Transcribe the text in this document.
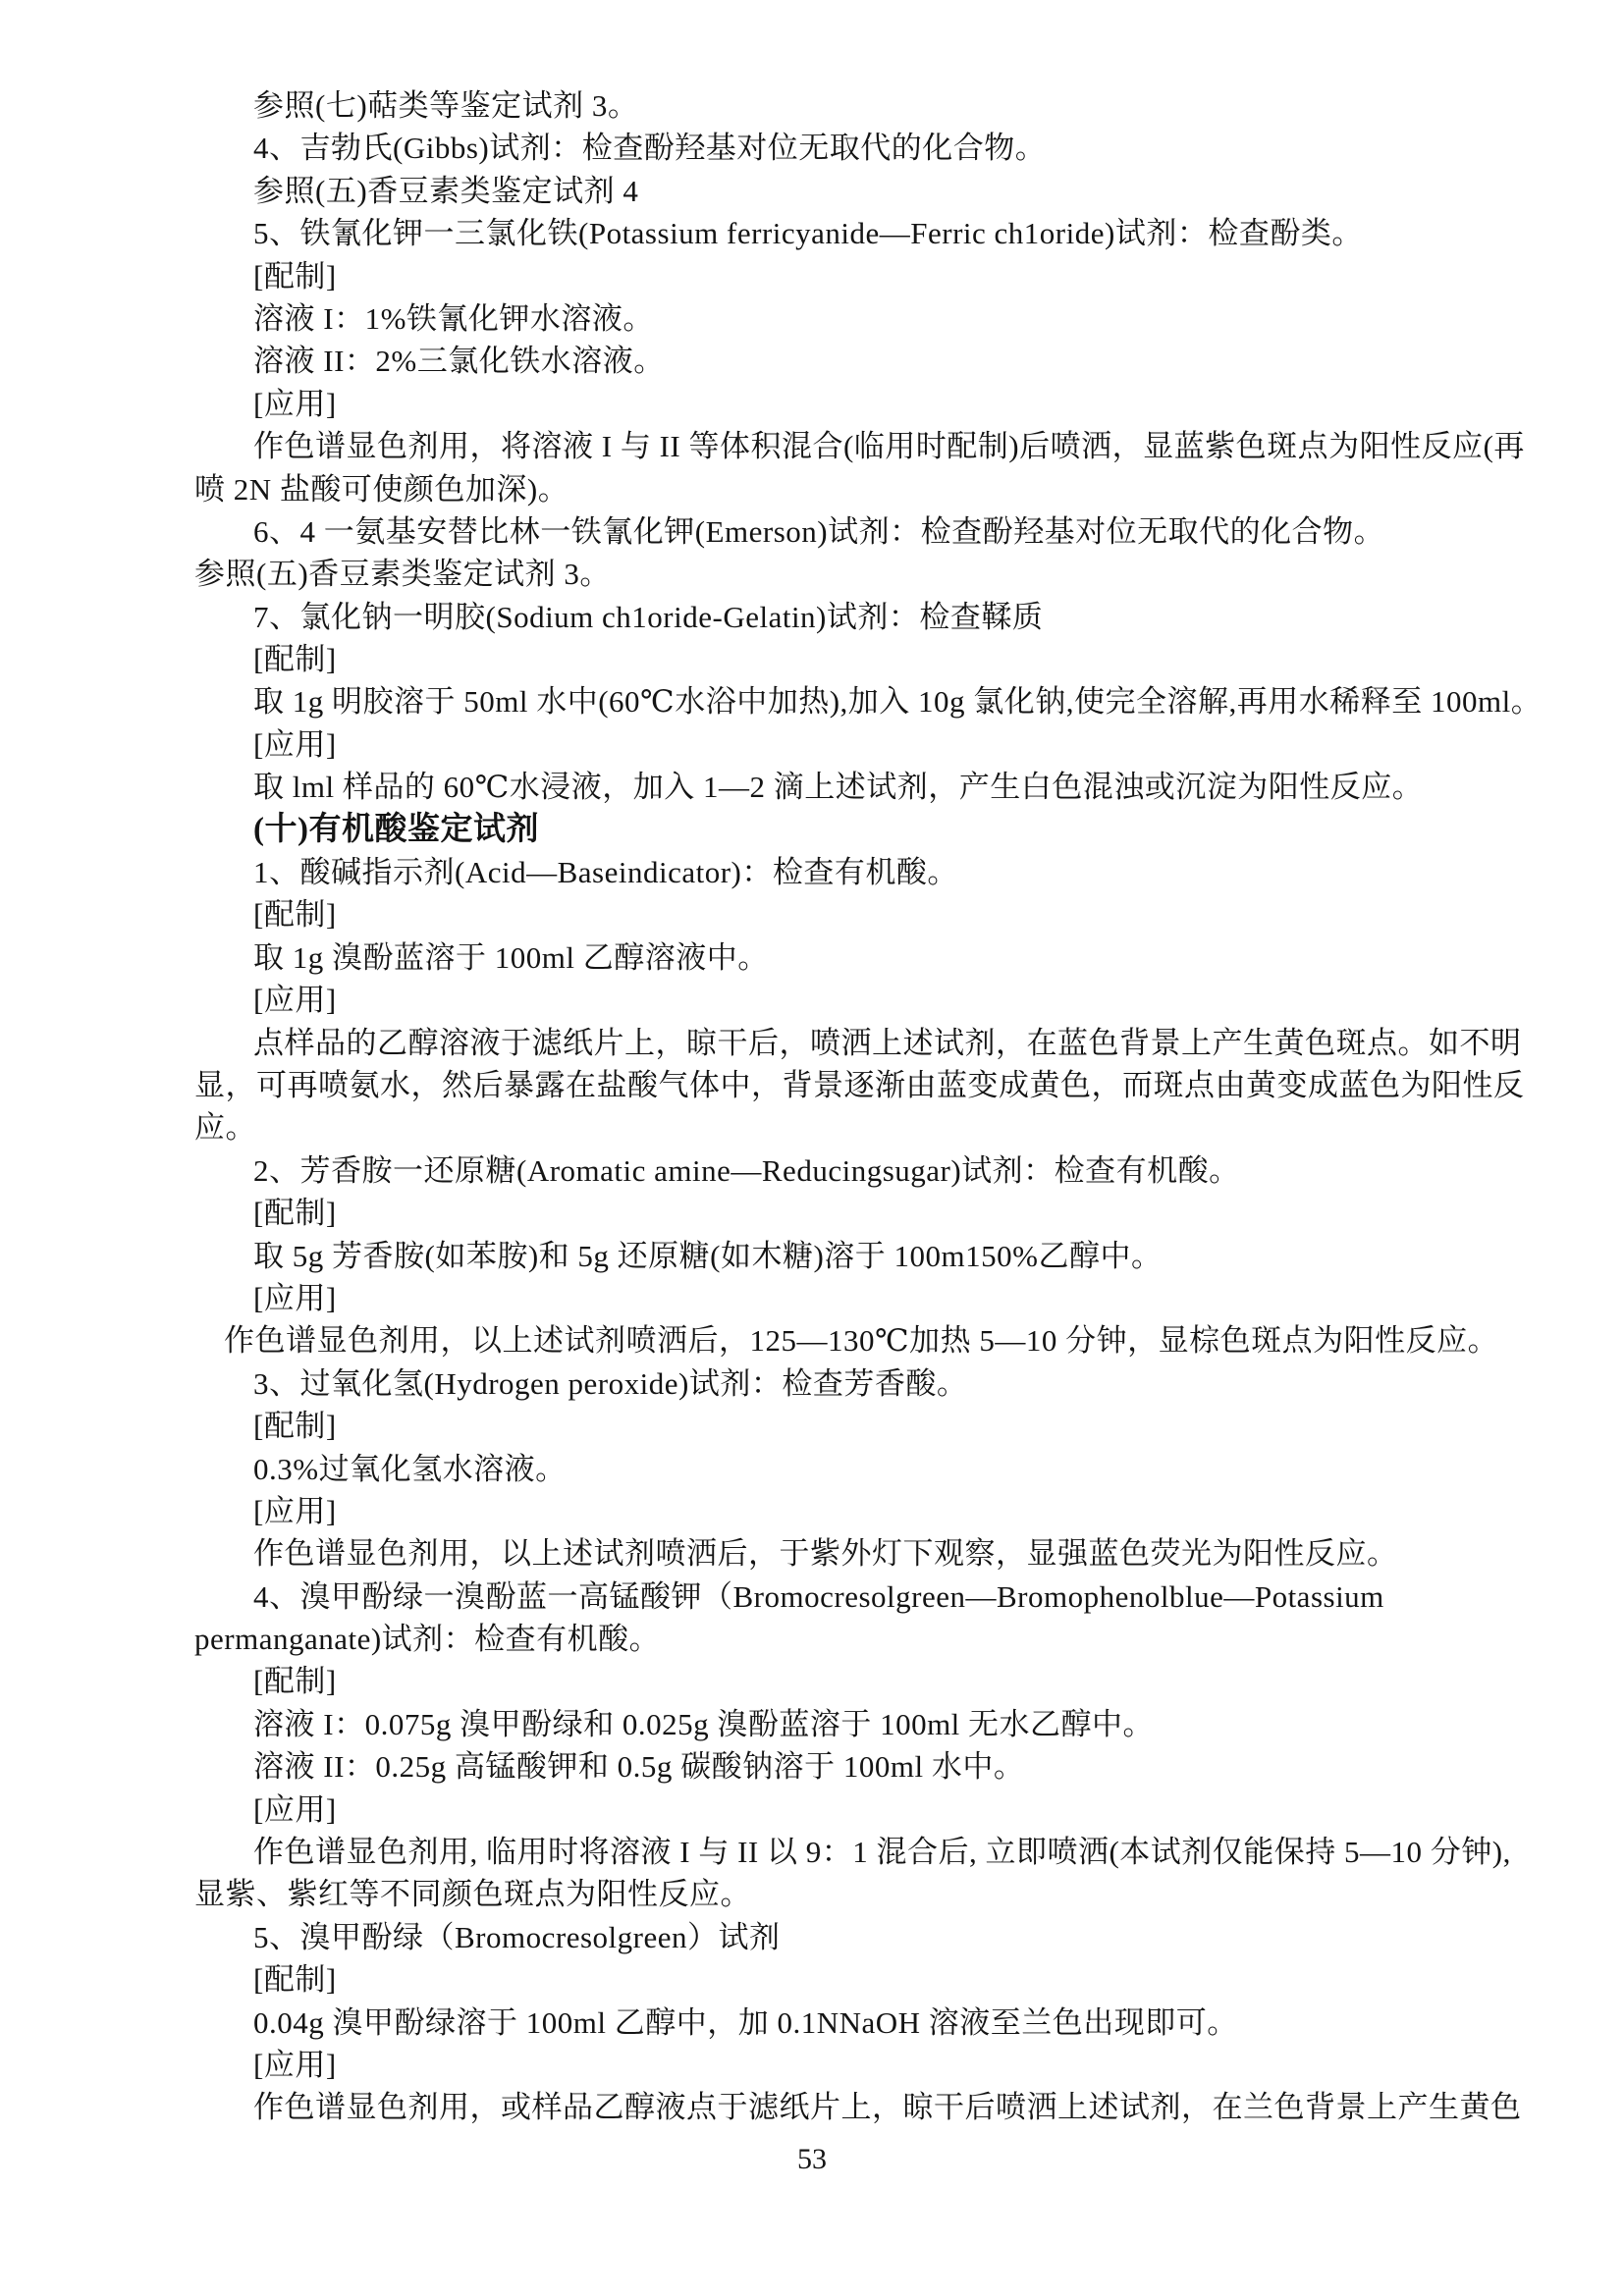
参照(七)萜类等鉴定试剂 3。
4、吉勃氏(Gibbs)试剂：检查酚羟基对位无取代的化合物。
参照(五)香豆素类鉴定试剂 4
5、铁氰化钾一三氯化铁(Potassium ferricyanide—Ferric ch1oride)试剂：检查酚类。
[配制]
溶液 I：1%铁氰化钾水溶液。
溶液 II：2%三氯化铁水溶液。
[应用]
作色谱显色剂用，将溶液 I 与 II 等体积混合(临用时配制)后喷洒，显蓝紫色斑点为阳性反应(再
喷 2N 盐酸可使颜色加深)。
6、4 一氨基安替比林一铁氰化钾(Emerson)试剂：检查酚羟基对位无取代的化合物。
参照(五)香豆素类鉴定试剂 3。
7、氯化钠一明胶(Sodium ch1oride-Gelatin)试剂：检查鞣质
[配制]
取 1g 明胶溶于 50ml 水中(60℃水浴中加热),加入 10g 氯化钠,使完全溶解,再用水稀释至 100ml。
[应用]
取 lml 样品的 60℃水浸液，加入 1—2 滴上述试剂，产生白色混浊或沉淀为阳性反应。
(十)有机酸鉴定试剂
1、酸碱指示剂(Acid—Baseindicator)：检查有机酸。
[配制]
取 1g 溴酚蓝溶于 100ml 乙醇溶液中。
[应用]
点样品的乙醇溶液于滤纸片上，晾干后，喷洒上述试剂，在蓝色背景上产生黄色斑点。如不明
显，可再喷氨水，然后暴露在盐酸气体中，背景逐渐由蓝变成黄色，而斑点由黄变成蓝色为阳性反
应。
2、芳香胺一还原糖(Aromatic amine—Reducingsugar)试剂：检查有机酸。
[配制]
取 5g 芳香胺(如苯胺)和 5g 还原糖(如木糖)溶于 100m150%乙醇中。
[应用]
作色谱显色剂用，以上述试剂喷洒后，125—130℃加热 5—10 分钟，显棕色斑点为阳性反应。
3、过氧化氢(Hydrogen peroxide)试剂：检查芳香酸。
[配制]
0.3%过氧化氢水溶液。
[应用]
作色谱显色剂用，以上述试剂喷洒后，于紫外灯下观察，显强蓝色荧光为阳性反应。
4、溴甲酚绿一溴酚蓝一高锰酸钾（Bromocresolgreen—Bromophenolblue—Potassium
permanganate)试剂：检查有机酸。
[配制]
溶液 I：0.075g 溴甲酚绿和 0.025g 溴酚蓝溶于 100ml 无水乙醇中。
溶液 II：0.25g 高锰酸钾和 0.5g 碳酸钠溶于 100ml 水中。
[应用]
作色谱显色剂用, 临用时将溶液 I 与 II 以 9：1 混合后, 立即喷洒(本试剂仅能保持 5—10 分钟),
显紫、紫红等不同颜色斑点为阳性反应。
5、溴甲酚绿（Bromocresolgreen）试剂
[配制]
0.04g 溴甲酚绿溶于 100ml 乙醇中，加 0.1NNaOH 溶液至兰色出现即可。
[应用]
作色谱显色剂用，或样品乙醇液点于滤纸片上，晾干后喷洒上述试剂，在兰色背景上产生黄色
53
